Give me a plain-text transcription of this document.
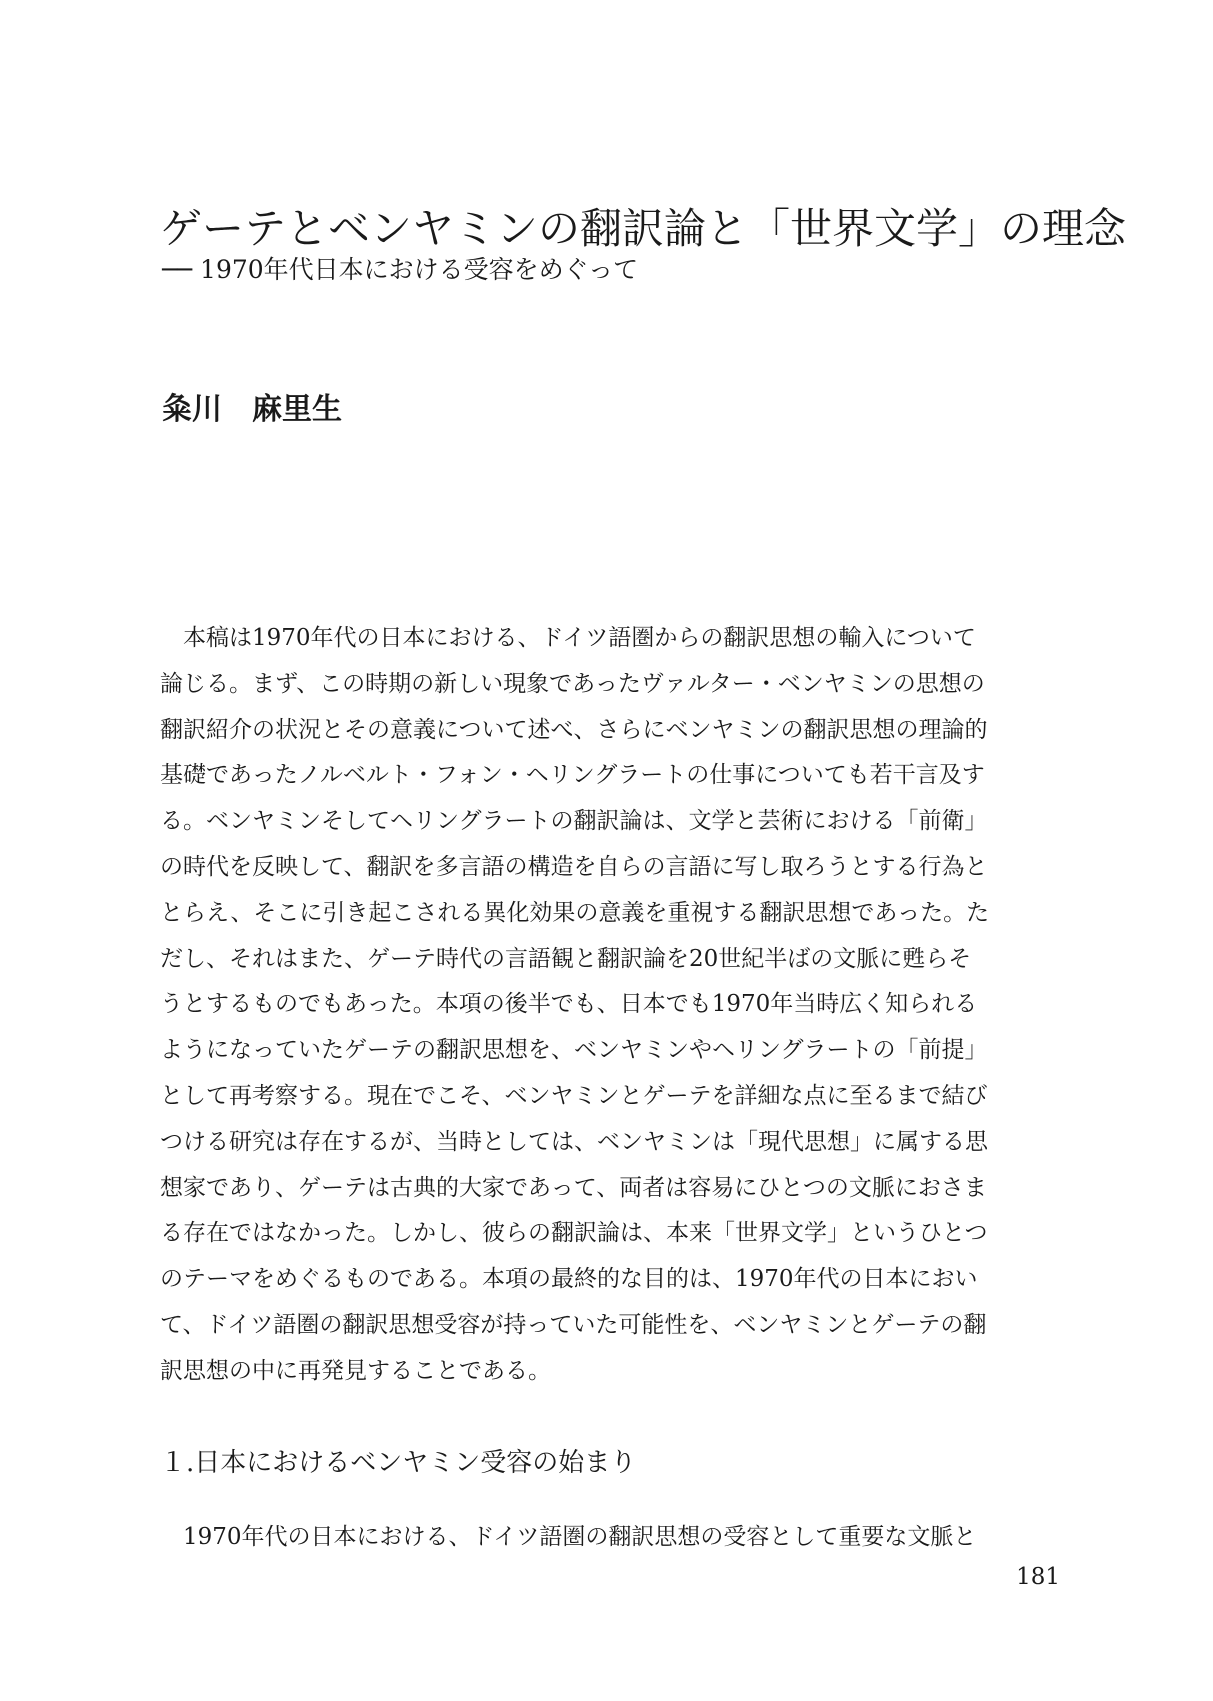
ゲーテとベンヤミンの翻訳論と「世界文学」の理念
── 1970年代日本における受容をめぐって
粂川　麻里生
　本稿は1970年代の日本における、ドイツ語圏からの翻訳思想の輸入について
論じる。まず、この時期の新しい現象であったヴァルター・ベンヤミンの思想の
翻訳紹介の状況とその意義について述べ、さらにベンヤミンの翻訳思想の理論的
基礎であったノルベルト・フォン・ヘリングラートの仕事についても若干言及す
る。ベンヤミンそしてヘリングラートの翻訳論は、文学と芸術における「前衛」
の時代を反映して、翻訳を多言語の構造を自らの言語に写し取ろうとする行為と
とらえ、そこに引き起こされる異化効果の意義を重視する翻訳思想であった。た
だし、それはまた、ゲーテ時代の言語観と翻訳論を20世紀半ばの文脈に甦らそ
うとするものでもあった。本項の後半でも、日本でも1970年当時広く知られる
ようになっていたゲーテの翻訳思想を、ベンヤミンやヘリングラートの「前提」
として再考察する。現在でこそ、ベンヤミンとゲーテを詳細な点に至るまで結び
つける研究は存在するが、当時としては、ベンヤミンは「現代思想」に属する思
想家であり、ゲーテは古典的大家であって、両者は容易にひとつの文脈におさま
る存在ではなかった。しかし、彼らの翻訳論は、本来「世界文学」というひとつ
のテーマをめぐるものである。本項の最終的な目的は、1970年代の日本におい
て、ドイツ語圏の翻訳思想受容が持っていた可能性を、ベンヤミンとゲーテの翻
訳思想の中に再発見することである。
１.日本におけるベンヤミン受容の始まり
　1970年代の日本における、ドイツ語圏の翻訳思想の受容として重要な文脈と
181
